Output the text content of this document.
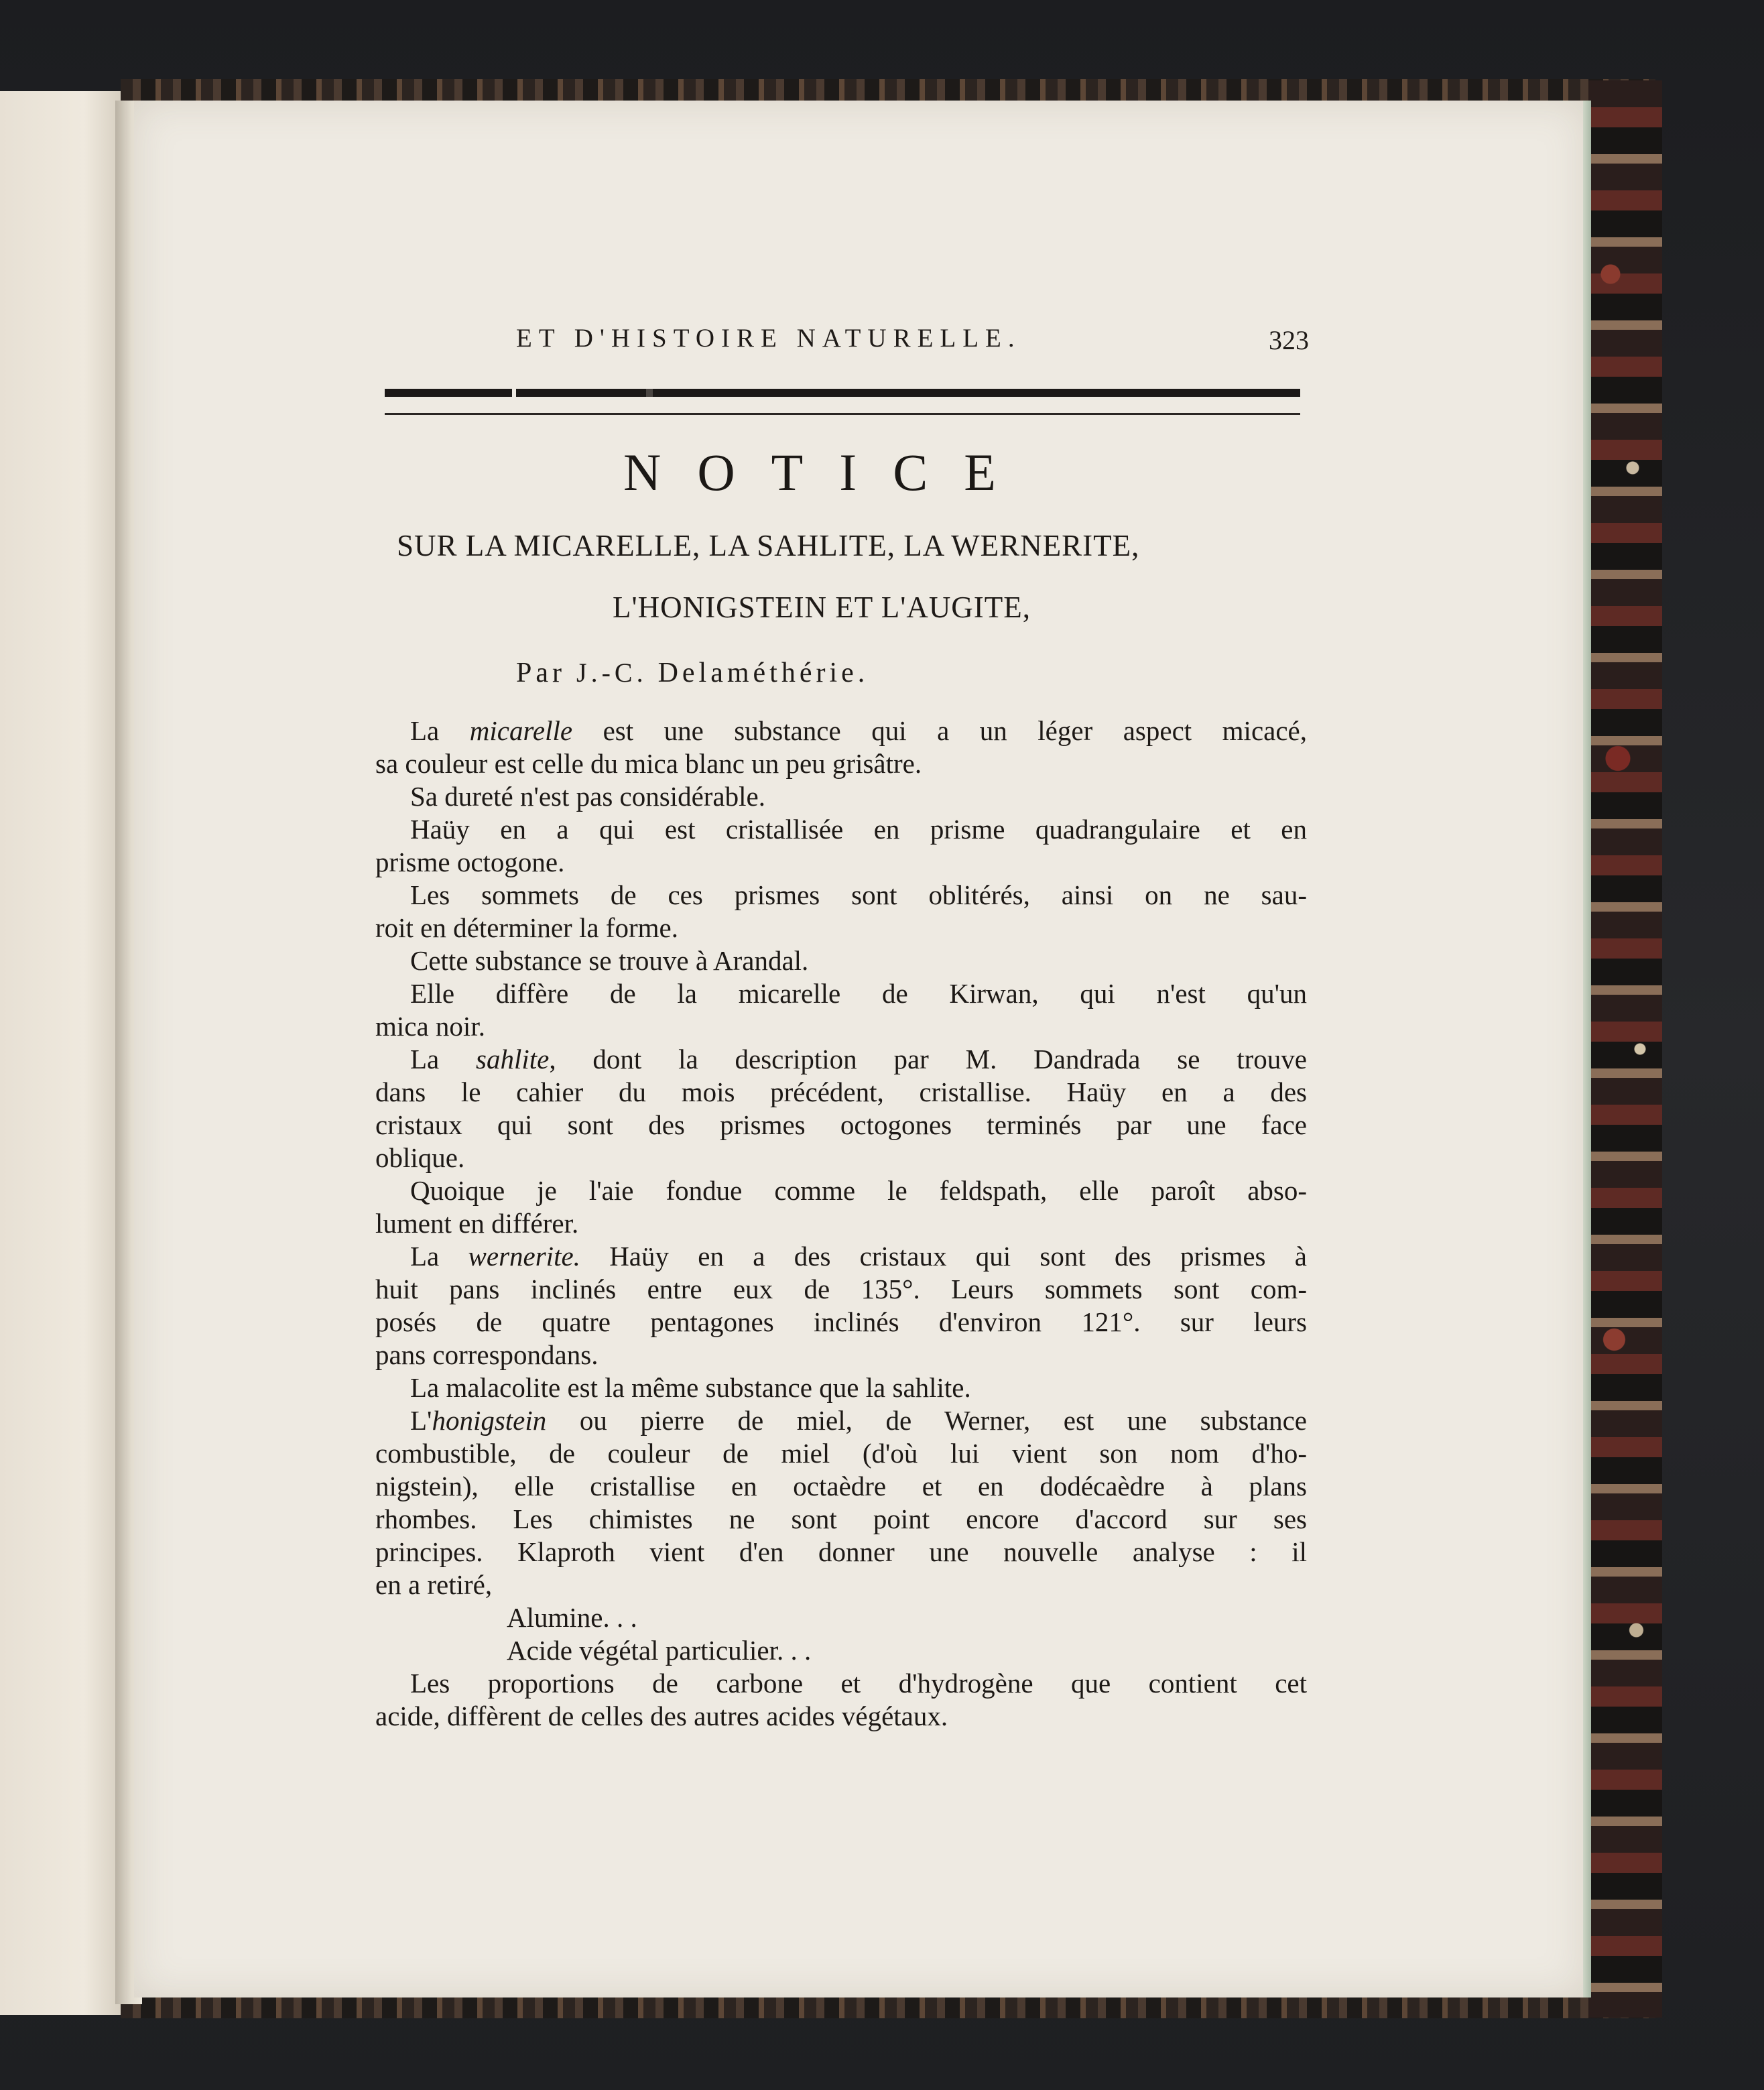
ET D'HISTOIRE NATURELLE.	323
NOTICE
SUR LA MICARELLE, LA SAHLITE, LA WERNERITE,
L'HONIGSTEIN ET L'AUGITE,
Par J.-C. Delaméthérie.
La micarelle est une substance qui a un léger aspect micacé,
sa couleur est celle du mica blanc un peu grisâtre.
Sa dureté n'est pas considérable.
Haüy en a qui est cristallisée en prisme quadrangulaire et en
prisme octogone.
Les sommets de ces prismes sont oblitérés, ainsi on ne sau-
roit en déterminer la forme.
Cette substance se trouve à Arandal.
Elle diffère de la micarelle de Kirwan, qui n'est qu'un
mica noir.
La sahlite, dont la description par M. Dandrada se trouve
dans le cahier du mois précédent, cristallise. Haüy en a des
cristaux qui sont des prismes octogones terminés par une face
oblique.
Quoique je l'aie fondue comme le feldspath, elle paroît abso-
lument en différer.
La wernerite. Haüy en a des cristaux qui sont des prismes à
huit pans inclinés entre eux de 135°. Leurs sommets sont com-
posés de quatre pentagones inclinés d'environ 121°. sur leurs
pans correspondans.
La malacolite est la même substance que la sahlite.
L'honigstein ou pierre de miel, de Werner, est une substance
combustible, de couleur de miel (d'où lui vient son nom d'ho-
nigstein), elle cristallise en octaèdre et en dodécaèdre à plans
rhombes. Les chimistes ne sont point encore d'accord sur ses
principes. Klaproth vient d'en donner une nouvelle analyse : il
en a retiré,
Alumine. . .
Acide végétal particulier. . .
Les proportions de carbone et d'hydrogène que contient cet
acide, diffèrent de celles des autres acides végétaux.
